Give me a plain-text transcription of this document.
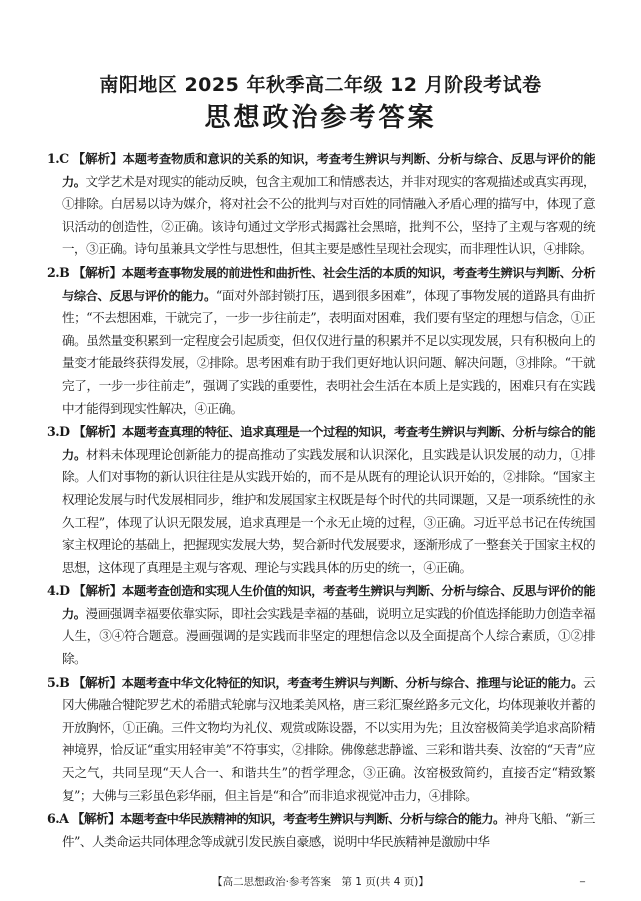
南阳地区 2025 年秋季高二年级 12 月阶段考试卷
思想政治参考答案

1.C 【解析】本题考查物质和意识的关系的知识，考查考生辨识与判断、分析与综合、反思与评价的能力。文学艺术是对现实的能动反映，包含主观加工和情感表达，并非对现实的客观描述或真实再现，①排除。白居易以诗为媒介，将对社会不公的批判与对百姓的同情融入矛盾心理的描写中，体现了意识活动的创造性，②正确。该诗句通过文学形式揭露社会黑暗，批判不公，坚持了主观与客观的统一，③正确。诗句虽兼具文学性与思想性，但其主要是感性呈现社会现实，而非理性认识，④排除。

2.B 【解析】本题考查事物发展的前进性和曲折性、社会生活的本质的知识，考查考生辨识与判断、分析与综合、反思与评价的能力。“面对外部封锁打压，遇到很多困难”，体现了事物发展的道路具有曲折性；“不去想困难，干就完了，一步一步往前走”，表明面对困难，我们要有坚定的理想与信念，①正确。虽然量变积累到一定程度会引起质变，但仅仅进行量的积累并不足以实现发展，只有积极向上的量变才能最终获得发展，②排除。思考困难有助于我们更好地认识问题、解决问题，③排除。“干就完了，一步一步往前走”，强调了实践的重要性，表明社会生活在本质上是实践的，困难只有在实践中才能得到现实性解决，④正确。

3.D 【解析】本题考查真理的特征、追求真理是一个过程的知识，考查考生辨识与判断、分析与综合的能力。材料未体现理论创新能力的提高推动了实践发展和认识深化，且实践是认识发展的动力，①排除。人们对事物的新认识往往是从实践开始的，而不是从既有的理论认识开始的，②排除。“国家主权理论发展与时代发展相同步，维护和发展国家主权既是每个时代的共同课题，又是一项系统性的永久工程”，体现了认识无限发展，追求真理是一个永无止境的过程，③正确。习近平总书记在传统国家主权理论的基础上，把握现实发展大势，契合新时代发展要求，逐渐形成了一整套关于国家主权的思想，这体现了真理是主观与客观、理论与实践具体的历史的统一，④正确。

4.D 【解析】本题考查创造和实现人生价值的知识，考查考生辨识与判断、分析与综合、反思与评价的能力。漫画强调幸福要依靠实际，即社会实践是幸福的基础，说明立足实践的价值选择能助力创造幸福人生，③④符合题意。漫画强调的是实践而非坚定的理想信念以及全面提高个人综合素质，①②排除。

5.B 【解析】本题考查中华文化特征的知识，考查考生辨识与判断、分析与综合、推理与论证的能力。云冈大佛融合犍陀罗艺术的希腊式轮廓与汉地柔美风格，唐三彩汇聚丝路多元文化，均体现兼收并蓄的开放胸怀，①正确。三件文物均为礼仪、观赏或陈设器，不以实用为先；且汝窑极简美学追求高阶精神境界，恰反证“重实用轻审美”不符事实，②排除。佛像慈悲静谧、三彩和谐共奏、汝窑的“天青”应天之气，共同呈现“天人合一、和谐共生”的哲学理念，③正确。汝窑极致简约，直接否定“精致繁复”；大佛与三彩虽色彩华丽，但主旨是“和合”而非追求视觉冲击力，④排除。

6.A 【解析】本题考查中华民族精神的知识，考查考生辨识与判断、分析与综合的能力。神舟飞船、“新三件”、人类命运共同体理念等成就引发民族自豪感，说明中华民族精神是激励中华

【高二思想政治·参考答案　第 1 页(共 4 页)】	_
